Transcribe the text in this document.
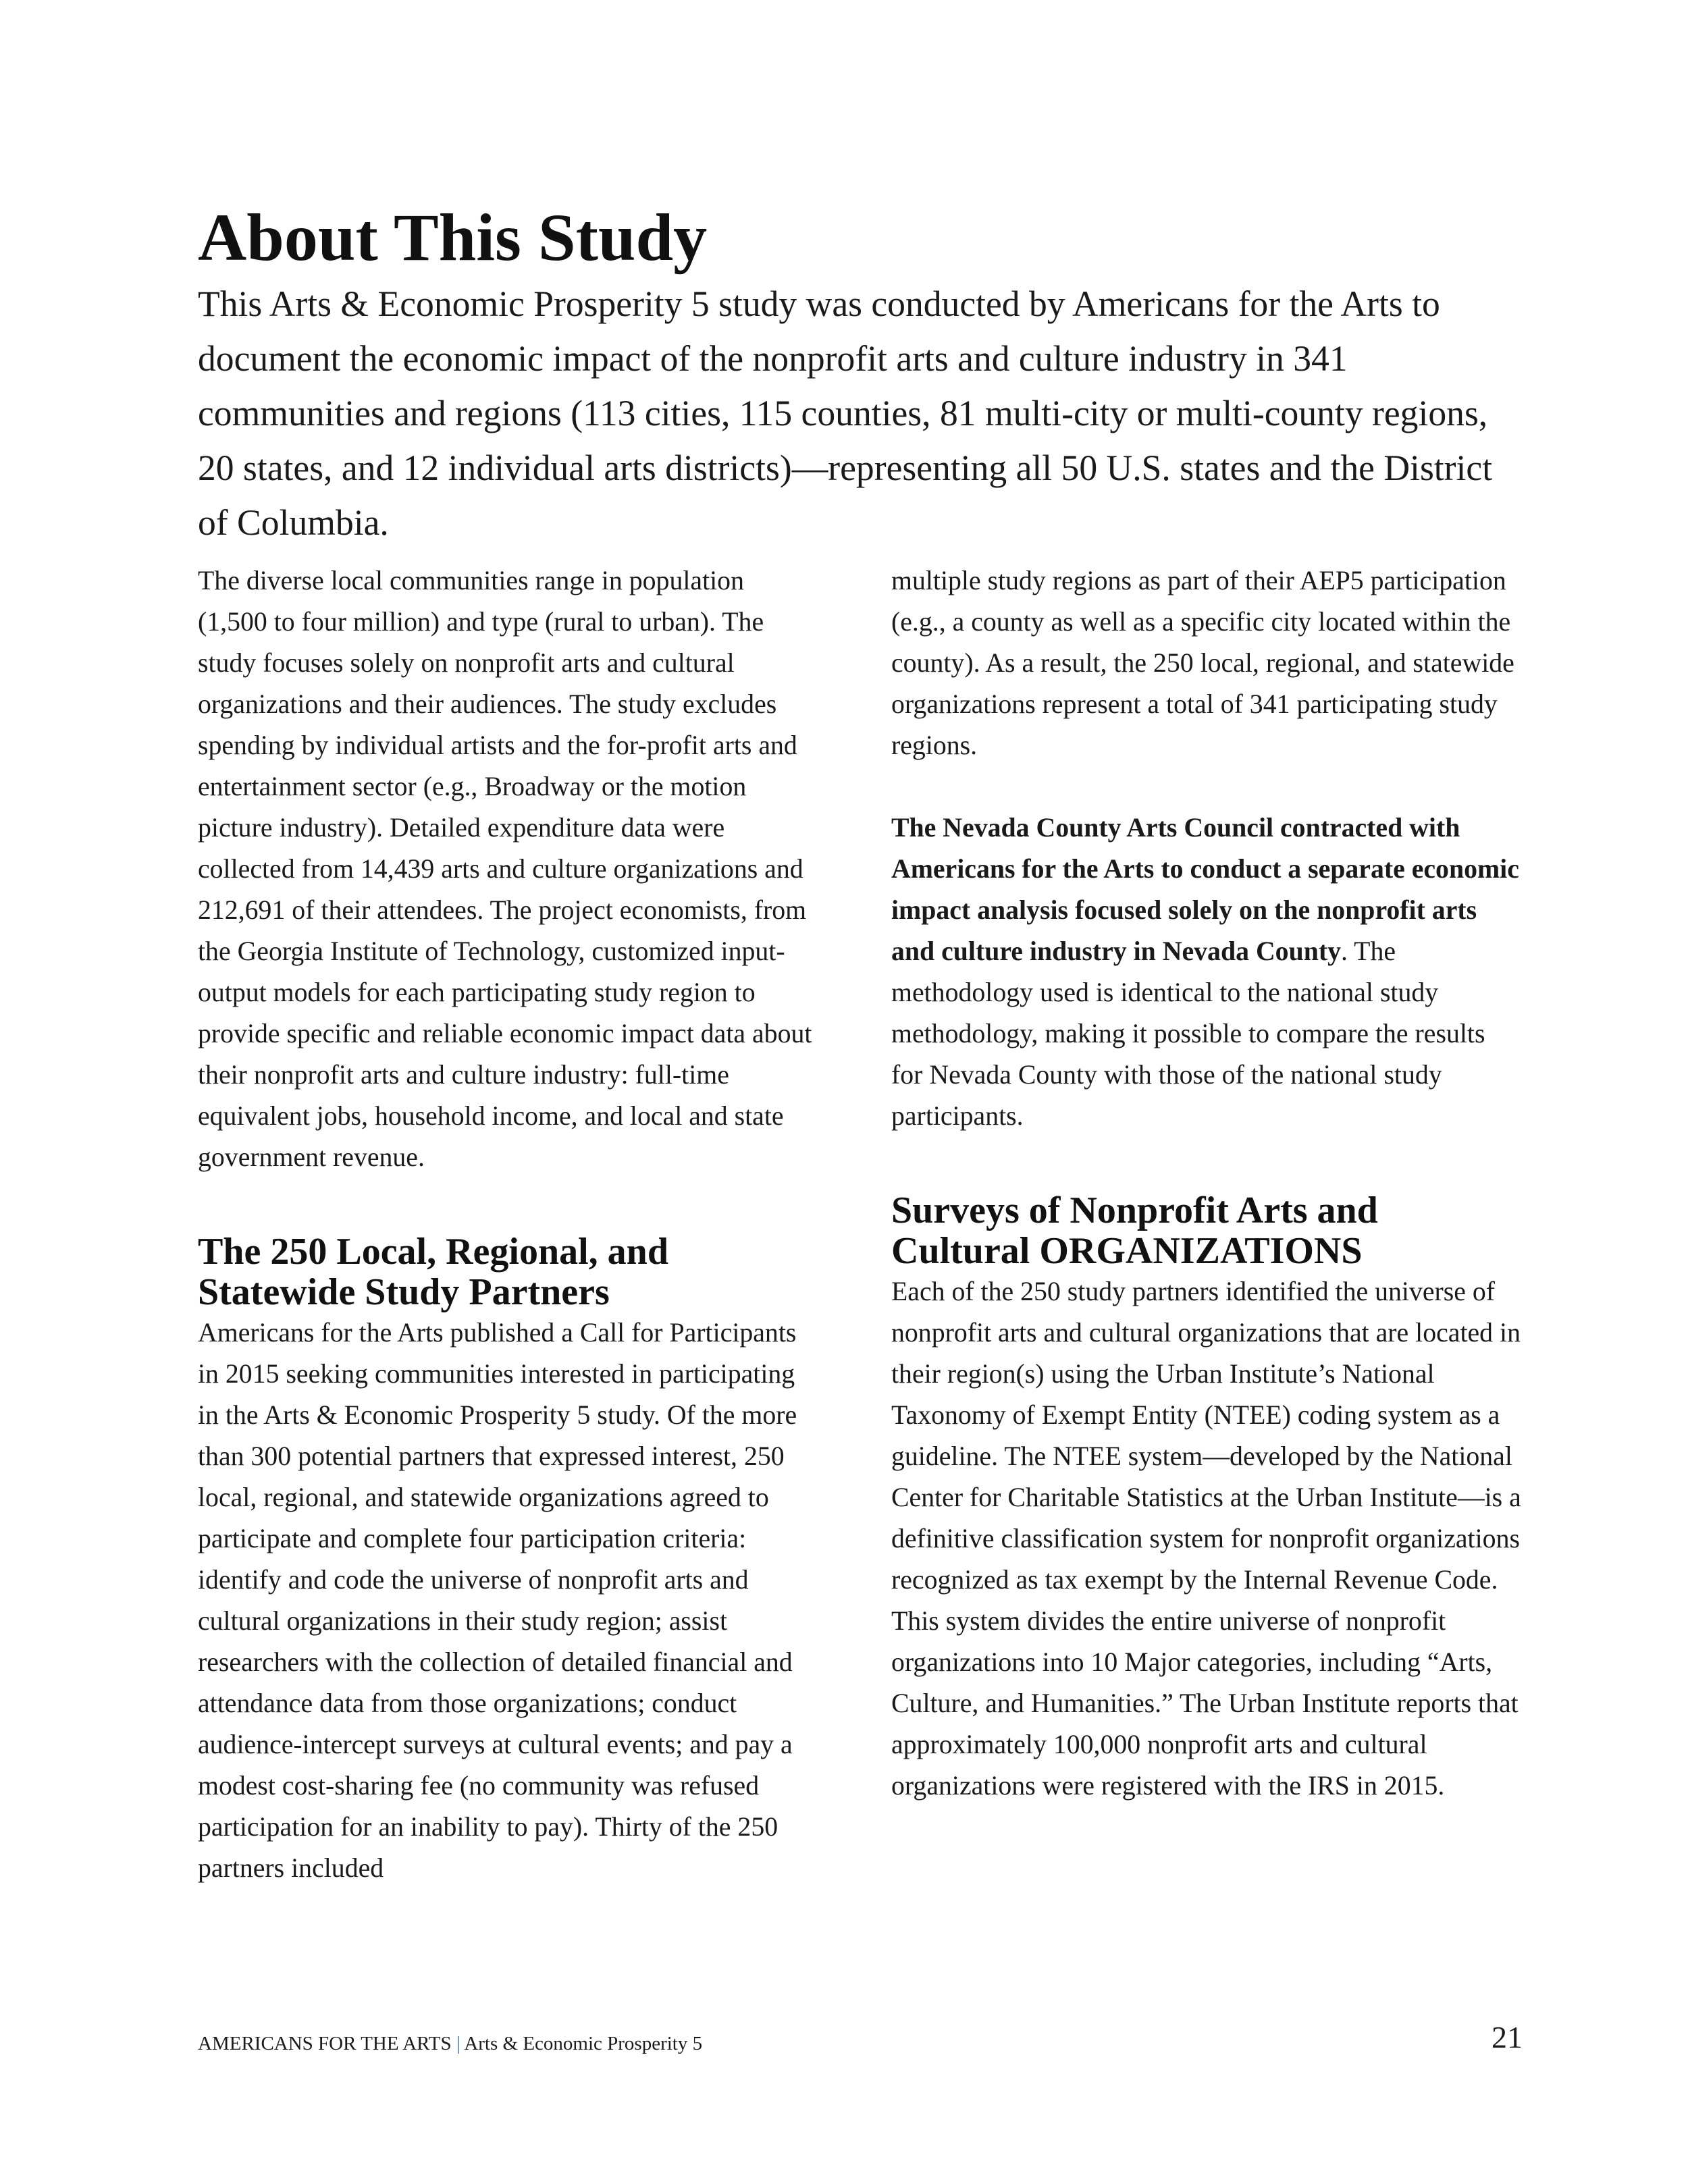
About This Study

This Arts & Economic Prosperity 5 study was conducted by Americans for the Arts to document the economic impact of the nonprofit arts and culture industry in 341 communities and regions (113 cities, 115 counties, 81 multi-city or multi-county regions, 20 states, and 12 individual arts districts)—representing all 50 U.S. states and the District of Columbia.

The diverse local communities range in population (1,500 to four million) and type (rural to urban). The study focuses solely on nonprofit arts and cultural organizations and their audiences. The study excludes spending by individual artists and the for-profit arts and entertainment sector (e.g., Broadway or the motion picture industry). Detailed expenditure data were collected from 14,439 arts and culture organizations and 212,691 of their attendees. The project economists, from the Georgia Institute of Technology, customized input-output models for each participating study region to provide specific and reliable economic impact data about their nonprofit arts and culture industry: full-time equivalent jobs, household income, and local and state government revenue.

The 250 Local, Regional, and Statewide Study Partners

Americans for the Arts published a Call for Participants in 2015 seeking communities interested in participating in the Arts & Economic Prosperity 5 study. Of the more than 300 potential partners that expressed interest, 250 local, regional, and statewide organizations agreed to participate and complete four participation criteria: identify and code the universe of nonprofit arts and cultural organizations in their study region; assist researchers with the collection of detailed financial and attendance data from those organizations; conduct audience-intercept surveys at cultural events; and pay a modest cost-sharing fee (no community was refused participation for an inability to pay). Thirty of the 250 partners included

multiple study regions as part of their AEP5 participation (e.g., a county as well as a specific city located within the county). As a result, the 250 local, regional, and statewide organizations represent a total of 341 participating study regions.

The Nevada County Arts Council contracted with Americans for the Arts to conduct a separate economic impact analysis focused solely on the nonprofit arts and culture industry in Nevada County. The methodology used is identical to the national study methodology, making it possible to compare the results for Nevada County with those of the national study participants.

Surveys of Nonprofit Arts and
Cultural ORGANIZATIONS

Each of the 250 study partners identified the universe of nonprofit arts and cultural organizations that are located in their region(s) using the Urban Institute’s National Taxonomy of Exempt Entity (NTEE) coding system as a guideline. The NTEE system—developed by the National Center for Charitable Statistics at the Urban Institute—is a definitive classification system for nonprofit organizations recognized as tax exempt by the Internal Revenue Code. This system divides the entire universe of nonprofit organizations into 10 Major categories, including “Arts, Culture, and Humanities.” The Urban Institute reports that approximately 100,000 nonprofit arts and cultural organizations were registered with the IRS in 2015.

AMERICANS FOR THE ARTS | Arts & Economic Prosperity 5	21
